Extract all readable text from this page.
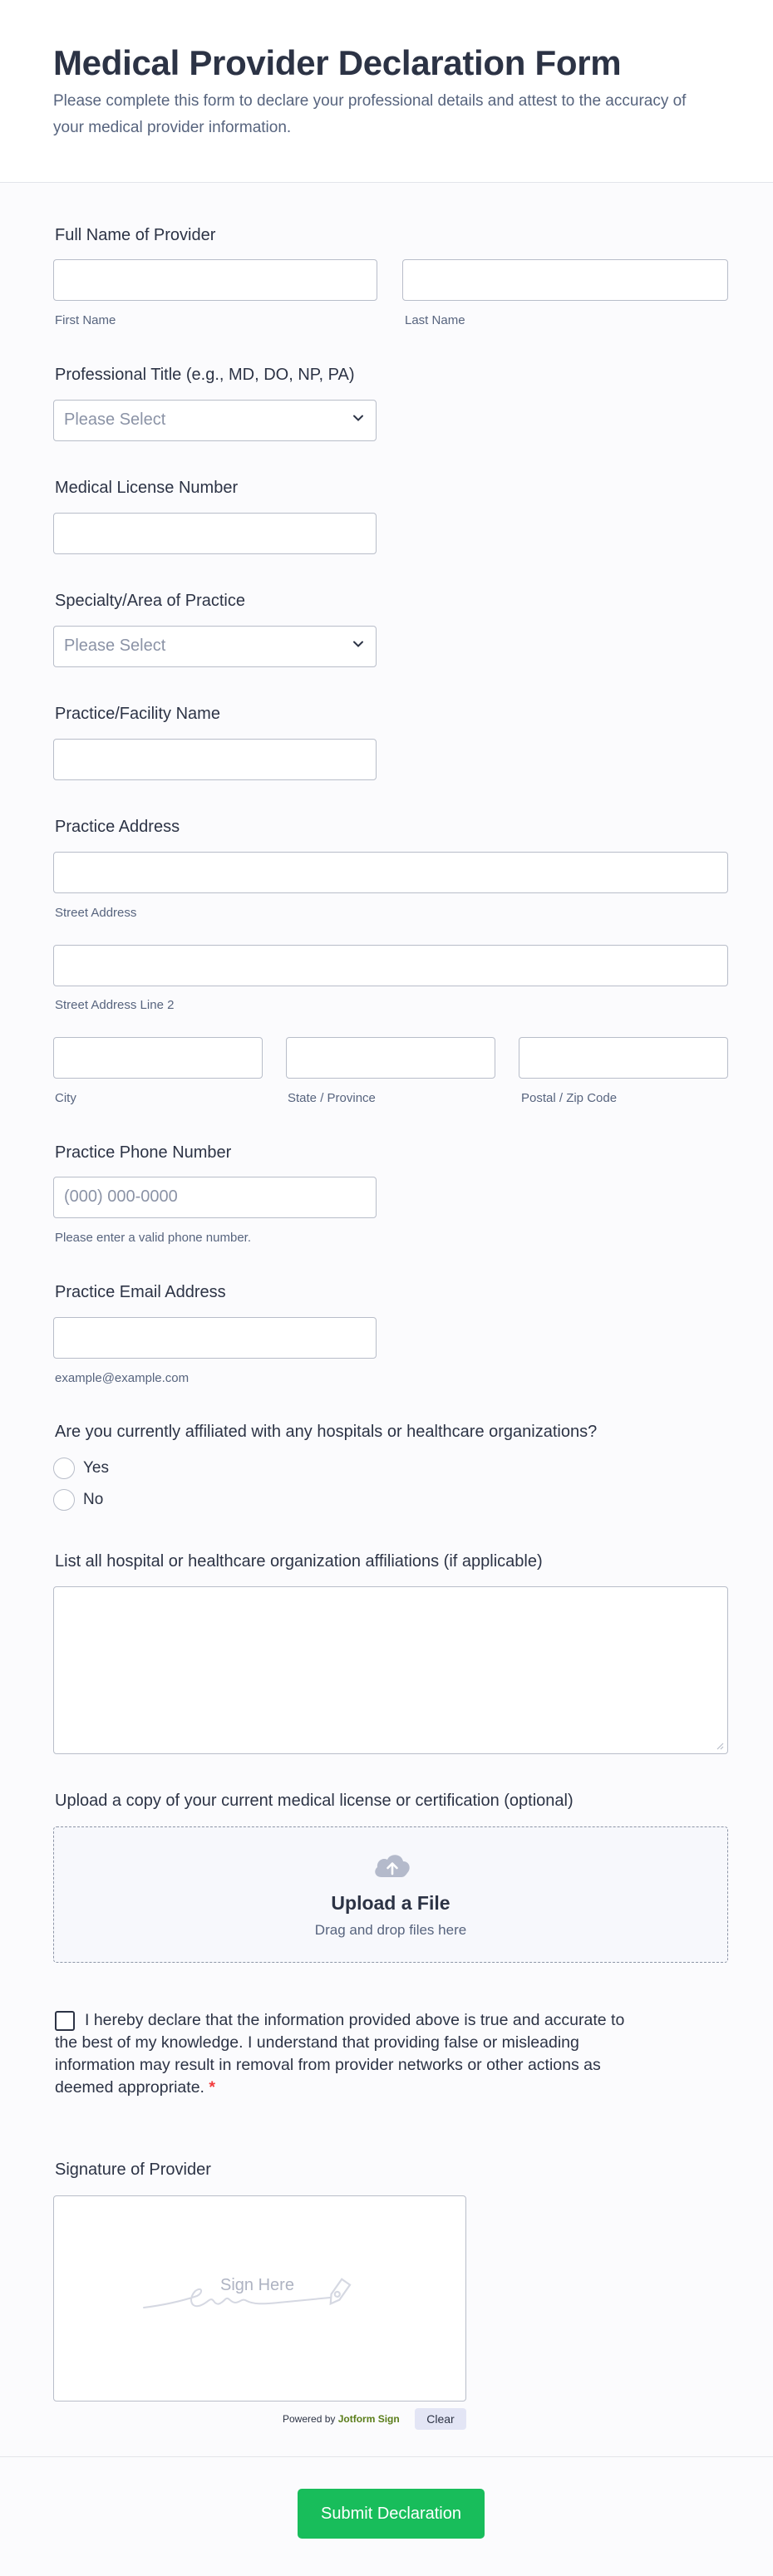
Medical Provider Declaration Form

Please complete this form to declare your professional details and attest to the accuracy of your medical provider information.

Full Name of Provider
First Name	Last Name
Professional Title (e.g., MD, DO, NP, PA)
Please Select
Medical License Number
Specialty/Area of Practice
Please Select
Practice/Facility Name
Practice Address
Street Address
Street Address Line 2
City	State / Province	Postal / Zip Code
Practice Phone Number
(000) 000-0000
Please enter a valid phone number.
Practice Email Address
example@example.com
Are you currently affiliated with any hospitals or healthcare organizations?
Yes
No
List all hospital or healthcare organization affiliations (if applicable)
Upload a copy of your current medical license or certification (optional)
Upload a File
Drag and drop files here
I hereby declare that the information provided above is true and accurate to the best of my knowledge. I understand that providing false or misleading information may result in removal from provider networks or other actions as deemed appropriate. *
Signature of Provider
Sign Here
Powered by Jotform Sign	Clear
Submit Declaration
